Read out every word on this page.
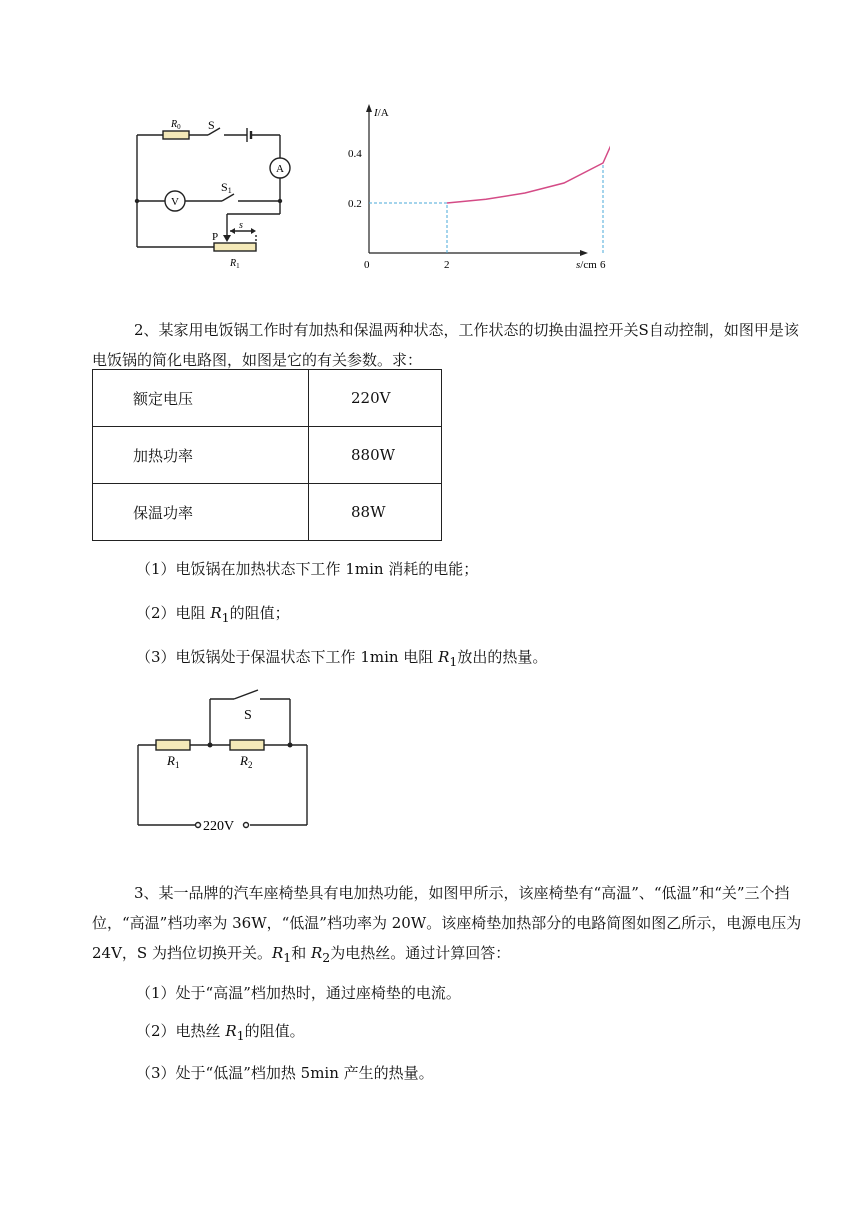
$R_0$ S
A
V
S1
s
P
$R_1$
I/A
s/cm
0	2	6
0.2
0.4

2、某家用电饭锅工作时有加热和保温两种状态，工作状态的切换由温控开关S自动控制，如图甲是该电饭锅的简化电路图，如图是它的有关参数。求：

额定电压	220V
加热功率	880W
保温功率	88W

（1）电饭锅在加热状态下工作 1min 消耗的电能；

（2）电阻 $R_1$的阻值；

（3）电饭锅处于保温状态下工作 1min 电阻 $R_1$放出的热量。

S
$R_1$	$R_2$
220V

3、某一品牌的汽车座椅垫具有电加热功能，如图甲所示，该座椅垫有“高温”、“低温”和“关”三个挡位，“高温”档功率为 36W，“低温”档功率为 20W。该座椅垫加热部分的电路简图如图乙所示，电源电压为 24V，S 为挡位切换开关。$R_1$和 $R_2$为电热丝。通过计算回答：

（1）处于“高温”档加热时，通过座椅垫的电流。

（2）电热丝 $R_1$的阻值。

（3）处于“低温”档加热 5min 产生的热量。
